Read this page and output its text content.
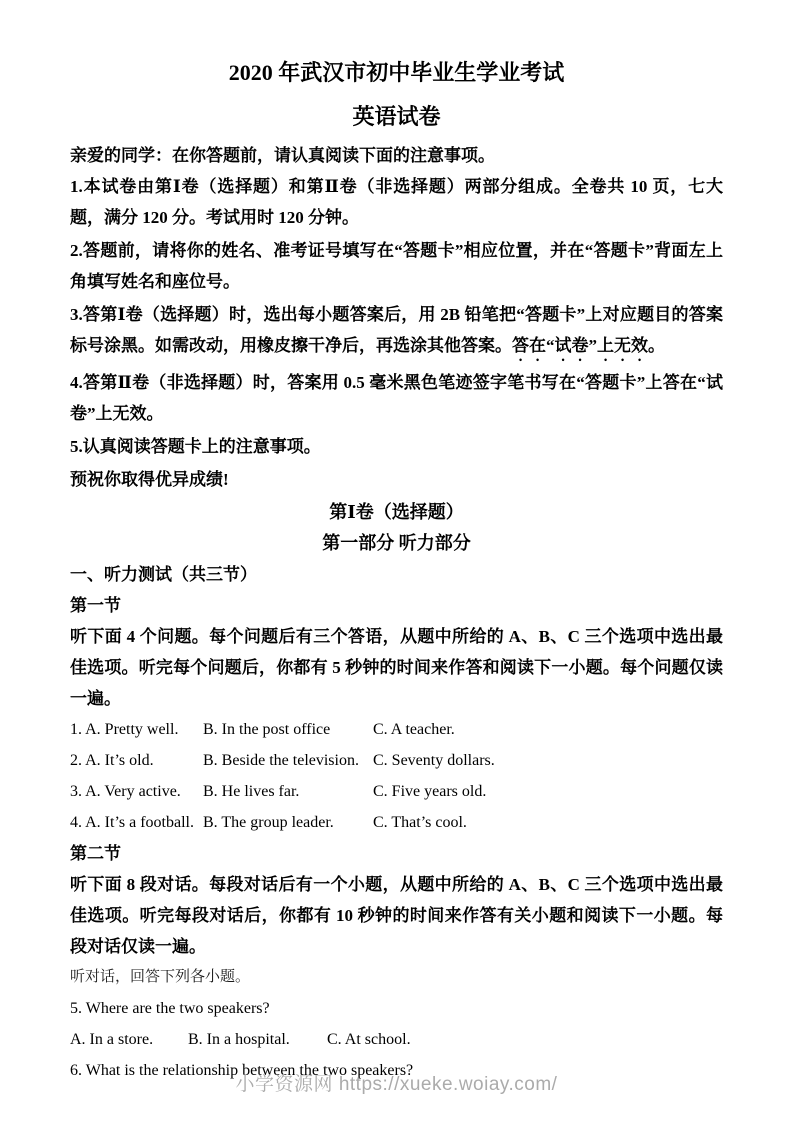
2020 年武汉市初中毕业生学业考试
英语试卷

亲爱的同学：在你答题前，请认真阅读下面的注意事项。

1.本试卷由第Ⅰ卷（选择题）和第Ⅱ卷（非选择题）两部分组成。全卷共 10 页，七大题，满分 120 分。考试用时 120 分钟。

2.答题前，请将你的姓名、准考证号填写在“答题卡”相应位置，并在“答题卡”背面左上角填写姓名和座位号。

3.答第Ⅰ卷（选择题）时，选出每小题答案后，用 2B 铅笔把“答题卡”上对应题目的答案标号涂黑。如需改动，用橡皮擦干净后，再选涂其他答案。答在“试卷”上无效。

4.答第Ⅱ卷（非选择题）时，答案用 0.5 毫米黑色笔迹签字笔书写在“答题卡”上答在“试卷”上无效。

5.认真阅读答题卡上的注意事项。

预祝你取得优异成绩!

第Ⅰ卷（选择题）

第一部分 听力部分

一、听力测试（共三节）

第一节

听下面 4 个问题。每个问题后有三个答语，从题中所给的 A、B、C 三个选项中选出最佳选项。听完每个问题后，你都有 5 秒钟的时间来作答和阅读下一小题。每个问题仅读一遍。

1. A. Pretty well.	B. In the post office	C. A teacher.
2. A. It’s old.	B. Beside the television. C. Seventy dollars.
3. A. Very active.	B. He lives far.	C. Five years old.
4. A. It’s a football. B. The group leader.	C. That’s cool.

第二节

听下面 8 段对话。每段对话后有一个小题，从题中所给的 A、B、C 三个选项中选出最佳选项。听完每段对话后，你都有 10 秒钟的时间来作答有关小题和阅读下一小题。每段对话仅读一遍。

听对话，回答下列各小题。

5. Where are the two speakers?

A. In a store.	B. In a hospital.	C. At school.

6. What is the relationship between the two speakers?

小学资源网 https://xueke.woiay.com/
